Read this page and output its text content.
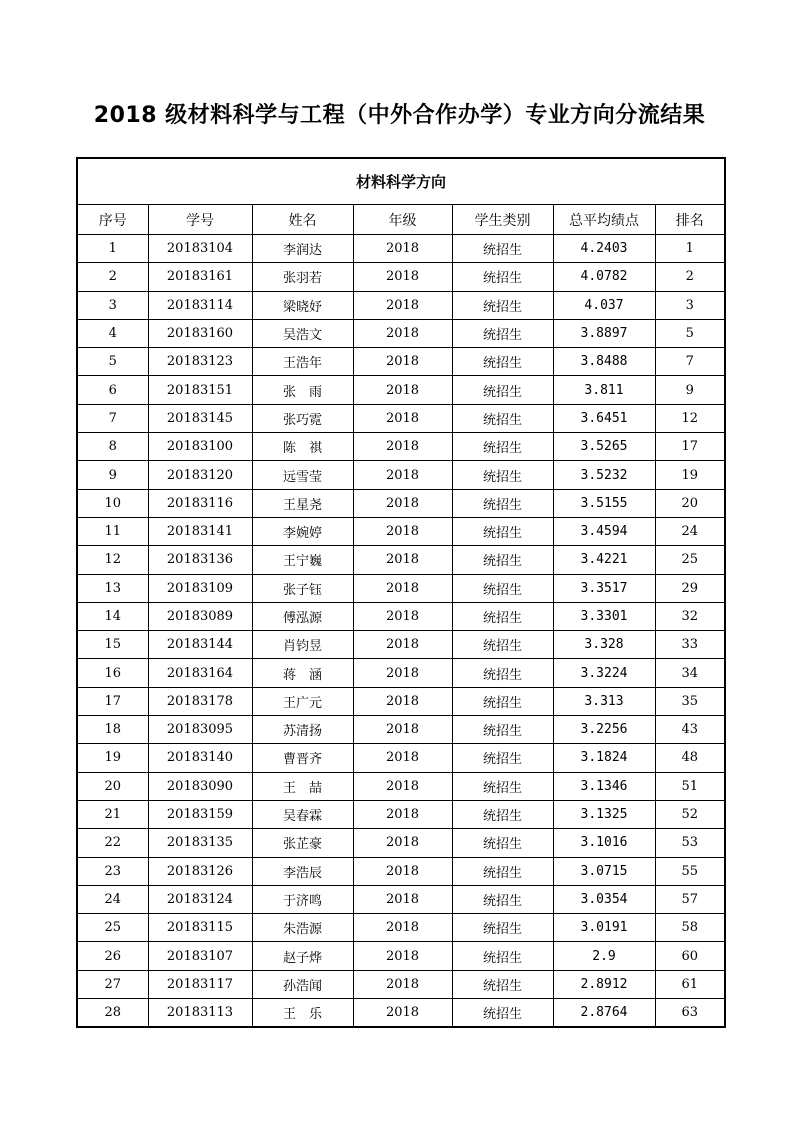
2018 级材料科学与工程（中外合作办学）专业方向分流结果
材料科学方向						
序号	学号	姓名	年级	学生类别	总平均绩点	排名
1	20183104	李润达	2018	统招生	4.2403	1
2	20183161	张羽若	2018	统招生	4.0782	2
3	20183114	梁晓妤	2018	统招生	4.037	3
4	20183160	吴浩文	2018	统招生	3.8897	5
5	20183123	王浩年	2018	统招生	3.8488	7
6	20183151	张　雨	2018	统招生	3.811	9
7	20183145	张巧霓	2018	统招生	3.6451	12
8	20183100	陈　祺	2018	统招生	3.5265	17
9	20183120	远雪莹	2018	统招生	3.5232	19
10	20183116	王星尧	2018	统招生	3.5155	20
11	20183141	李婉婷	2018	统招生	3.4594	24
12	20183136	王宁巍	2018	统招生	3.4221	25
13	20183109	张子钰	2018	统招生	3.3517	29
14	20183089	傅泓源	2018	统招生	3.3301	32
15	20183144	肖钧昱	2018	统招生	3.328	33
16	20183164	蒋　涵	2018	统招生	3.3224	34
17	20183178	王广元	2018	统招生	3.313	35
18	20183095	苏清扬	2018	统招生	3.2256	43
19	20183140	曹晋齐	2018	统招生	3.1824	48
20	20183090	王　喆	2018	统招生	3.1346	51
21	20183159	吴春霖	2018	统招生	3.1325	52
22	20183135	张芷豪	2018	统招生	3.1016	53
23	20183126	李浩辰	2018	统招生	3.0715	55
24	20183124	于济鸣	2018	统招生	3.0354	57
25	20183115	朱浩源	2018	统招生	3.0191	58
26	20183107	赵子烨	2018	统招生	2.9	60
27	20183117	孙浩闻	2018	统招生	2.8912	61
28	20183113	王　乐	2018	统招生	2.8764	63
